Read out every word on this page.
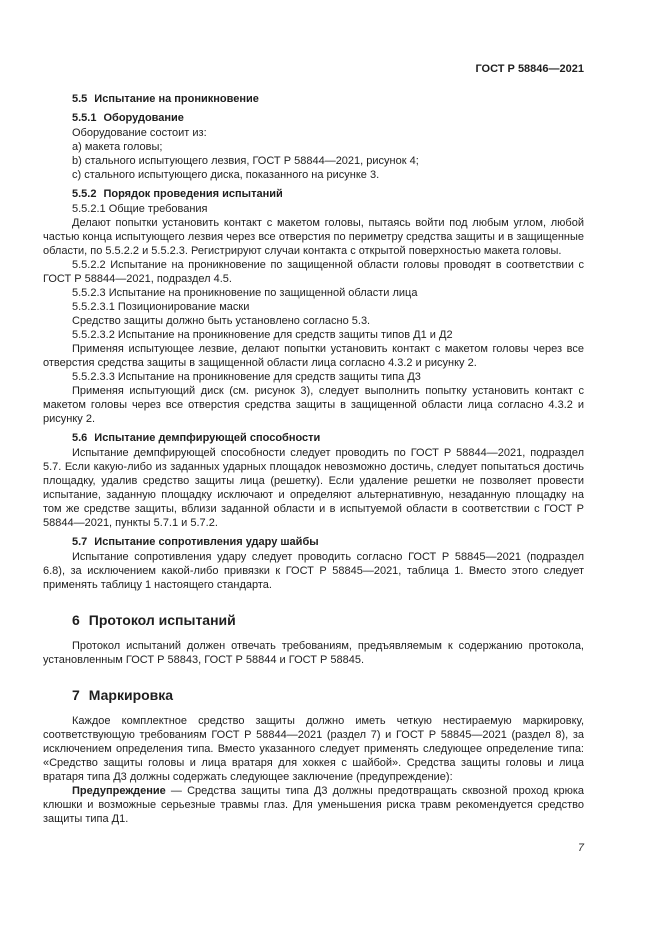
ГОСТ Р 58846—2021
5.5 Испытание на проникновение
5.5.1 Оборудование

Оборудование состоит из:

a) макета головы;

b) стального испытующего лезвия, ГОСТ Р 58844—2021, рисунок 4;

c) стального испытующего диска, показанного на рисунке 3.

5.5.2 Порядок проведения испытаний

5.5.2.1 Общие требования

Делают попытки установить контакт с макетом головы, пытаясь войти под любым углом, любой частью конца испытующего лезвия через все отверстия по периметру средства защиты и в защищенные области, по 5.5.2.2 и 5.5.2.3. Регистрируют случаи контакта с открытой поверхностью макета головы.

5.5.2.2 Испытание на проникновение по защищенной области головы проводят в соответствии с ГОСТ Р 58844—2021, подраздел 4.5.

5.5.2.3 Испытание на проникновение по защищенной области лица

5.5.2.3.1 Позиционирование маски

Средство защиты должно быть установлено согласно 5.3.

5.5.2.3.2 Испытание на проникновение для средств защиты типов Д1 и Д2

Применяя испытующее лезвие, делают попытки установить контакт с макетом головы через все отверстия средства защиты в защищенной области лица согласно 4.3.2 и рисунку 2.

5.5.2.3.3 Испытание на проникновение для средств защиты типа Д3

Применяя испытующий диск (см. рисунок 3), следует выполнить попытку установить контакт с макетом головы через все отверстия средства защиты в защищенной области лица согласно 4.3.2 и рисунку 2.

5.6 Испытание демпфирующей способности

Испытание демпфирующей способности следует проводить по ГОСТ Р 58844—2021, подраздел 5.7. Если какую-либо из заданных ударных площадок невозможно достичь, следует попытаться достичь площадку, удалив средство защиты лица (решетку). Если удаление решетки не позволяет провести испытание, заданную площадку исключают и определяют альтернативную, незаданную площадку на том же средстве защиты, вблизи заданной области и в испытуемой области в соответствии с ГОСТ Р 58844—2021, пункты 5.7.1 и 5.7.2.

5.7 Испытание сопротивления удару шайбы

Испытание сопротивления удару следует проводить согласно ГОСТ Р 58845—2021 (подраздел 6.8), за исключением какой-либо привязки к ГОСТ Р 58845—2021, таблица 1. Вместо этого следует применять таблицу 1 настоящего стандарта.

6 Протокол испытаний

Протокол испытаний должен отвечать требованиям, предъявляемым к содержанию протокола, установленным ГОСТ Р 58843, ГОСТ Р 58844 и ГОСТ Р 58845.

7 Маркировка

Каждое комплектное средство защиты должно иметь четкую нестираемую маркировку, соответствующую требованиям ГОСТ Р 58844—2021 (раздел 7) и ГОСТ Р 58845—2021 (раздел 8), за исключением определения типа. Вместо указанного следует применять следующее определение типа: «Средство защиты головы и лица вратаря для хоккея с шайбой». Средства защиты головы и лица вратаря типа Д3 должны содержать следующее заключение (предупреждение):

Предупреждение — Средства защиты типа Д3 должны предотвращать сквозной проход крюка клюшки и возможные серьезные травмы глаз. Для уменьшения риска травм рекомендуется средство защиты типа Д1.

7
